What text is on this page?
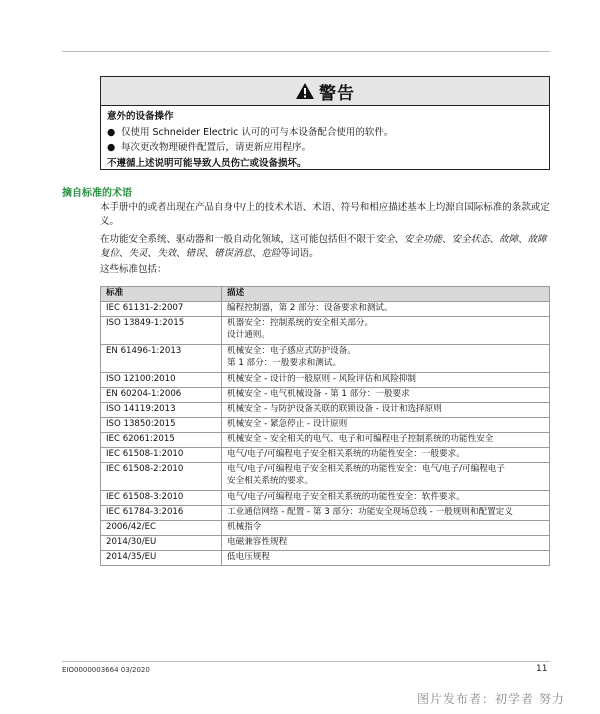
警告
意外的设备操作
● 仅使用 Schneider Electric 认可的可与本设备配合使用的软件。
● 每次更改物理硬件配置后，请更新应用程序。
不遵循上述说明可能导致人员伤亡或设备损坏。
摘自标准的术语
本手册中的或者出现在产品自身中/上的技术术语、术语、符号和相应描述基本上均源自国际标准的条款或定义。
在功能安全系统、驱动器和一般自动化领域，这可能包括但不限于安全、安全功能、安全状态、故障、故障复位、失灵、失效、错误、错误消息、危险等词语。
这些标准包括：
标准	描述
IEC 61131-2:2007	编程控制器，第 2 部分：设备要求和测试。

ISO 13849-1:2015	机器安全：控制系统的安全相关部分。
设计通则。

EN 61496-1:2013	机械安全：电子感应式防护设备。
第 1 部分：一般要求和测试。

ISO 12100:2010	机械安全 - 设计的一般原则 - 风险评估和风险抑制

EN 60204-1:2006	机械安全 - 电气机械设备 - 第 1 部分：一般要求

ISO 14119:2013	机械安全 - 与防护设备关联的联锁设备 - 设计和选择原则

ISO 13850:2015	机械安全 - 紧急停止 - 设计原则

IEC 62061:2015	机械安全 - 安全相关的电气、电子和可编程电子控制系统的功能性安全

IEC 61508-1:2010	电气/电子/可编程电子安全相关系统的功能性安全：一般要求。

IEC 61508-2:2010	电气/电子/可编程电子安全相关系统的功能性安全：电气/电子/可编程电子
安全相关系统的要求。

IEC 61508-3:2010	电气/电子/可编程电子安全相关系统的功能性安全：软件要求。

IEC 61784-3:2016	工业通信网络 - 配置 - 第 3 部分：功能安全现场总线 - 一般规则和配置定义

2006/42/EC	机械指令

2014/30/EU	电磁兼容性规程

2014/35/EU	低电压规程
EIO0000003664 03/2020	11
图片发布者：初学者 努力
